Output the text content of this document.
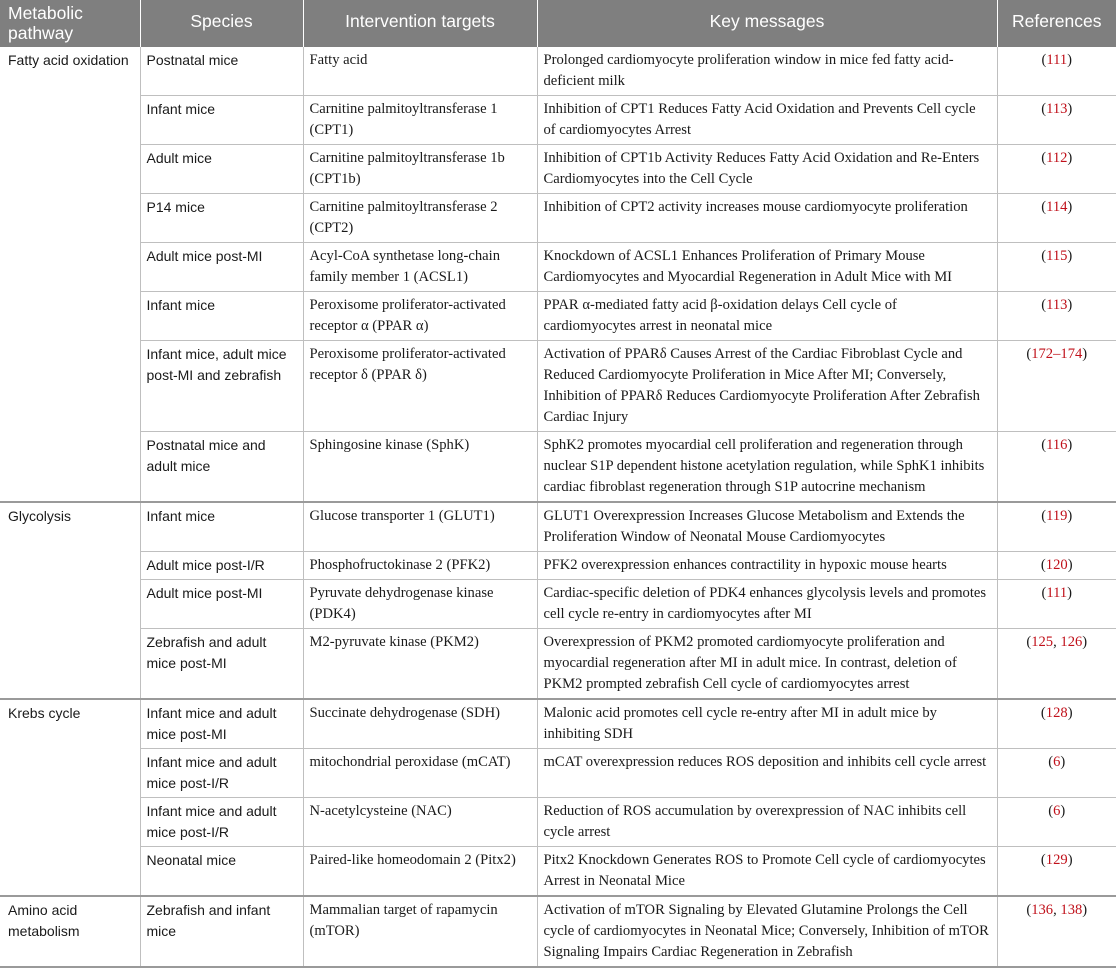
Metabolic pathway	Species	Intervention targets	Key messages	References
Fatty acid oxidation	Postnatal mice	Fatty acid	Prolonged cardiomyocyte proliferation window in mice fed fatty acid-deficient milk	(111)
	Infant mice	Carnitine palmitoyltransferase 1 (CPT1)	Inhibition of CPT1 Reduces Fatty Acid Oxidation and Prevents Cell cycle of cardiomyocytes Arrest	(113)
	Adult mice	Carnitine palmitoyltransferase 1b (CPT1b)	Inhibition of CPT1b Activity Reduces Fatty Acid Oxidation and Re-Enters Cardiomyocytes into the Cell Cycle	(112)
	P14 mice	Carnitine palmitoyltransferase 2 (CPT2)	Inhibition of CPT2 activity increases mouse cardiomyocyte proliferation	(114)
	Adult mice post-MI	Acyl-CoA synthetase long-chain family member 1 (ACSL1)	Knockdown of ACSL1 Enhances Proliferation of Primary Mouse Cardiomyocytes and Myocardial Regeneration in Adult Mice with MI	(115)
	Infant mice	Peroxisome proliferator-activated receptor α (PPAR α)	PPAR α-mediated fatty acid β-oxidation delays Cell cycle of cardiomyocytes arrest in neonatal mice	(113)
	Infant mice, adult mice post-MI and zebrafish	Peroxisome proliferator-activated receptor δ (PPAR δ)	Activation of PPARδ Causes Arrest of the Cardiac Fibroblast Cycle and Reduced Cardiomyocyte Proliferation in Mice After MI; Conversely, Inhibition of PPARδ Reduces Cardiomyocyte Proliferation After Zebrafish Cardiac Injury	(172–174)
	Postnatal mice and adult mice	Sphingosine kinase (SphK)	SphK2 promotes myocardial cell proliferation and regeneration through nuclear S1P dependent histone acetylation regulation, while SphK1 inhibits cardiac fibroblast regeneration through S1P autocrine mechanism	(116)
Glycolysis	Infant mice	Glucose transporter 1 (GLUT1)	GLUT1 Overexpression Increases Glucose Metabolism and Extends the Proliferation Window of Neonatal Mouse Cardiomyocytes	(119)
	Adult mice post-I/R	Phosphofructokinase 2 (PFK2)	PFK2 overexpression enhances contractility in hypoxic mouse hearts	(120)
	Adult mice post-MI	Pyruvate dehydrogenase kinase (PDK4)	Cardiac-specific deletion of PDK4 enhances glycolysis levels and promotes cell cycle re-entry in cardiomyocytes after MI	(111)
	Zebrafish and adult mice post-MI	M2-pyruvate kinase (PKM2)	Overexpression of PKM2 promoted cardiomyocyte proliferation and myocardial regeneration after MI in adult mice. In contrast, deletion of PKM2 prompted zebrafish Cell cycle of cardiomyocytes arrest	(125, 126)
Krebs cycle	Infant mice and adult mice post-MI	Succinate dehydrogenase (SDH)	Malonic acid promotes cell cycle re-entry after MI in adult mice by inhibiting SDH	(128)
	Infant mice and adult mice post-I/R	mitochondrial peroxidase (mCAT)	mCAT overexpression reduces ROS deposition and inhibits cell cycle arrest	(6)
	Infant mice and adult mice post-I/R	N-acetylcysteine (NAC)	Reduction of ROS accumulation by overexpression of NAC inhibits cell cycle arrest	(6)
	Neonatal mice	Paired-like homeodomain 2 (Pitx2)	Pitx2 Knockdown Generates ROS to Promote Cell cycle of cardiomyocytes Arrest in Neonatal Mice	(129)
Amino acid metabolism	Zebrafish and infant mice	Mammalian target of rapamycin (mTOR)	Activation of mTOR Signaling by Elevated Glutamine Prolongs the Cell cycle of cardiomyocytes in Neonatal Mice; Conversely, Inhibition of mTOR Signaling Impairs Cardiac Regeneration in Zebrafish	(136, 138)
